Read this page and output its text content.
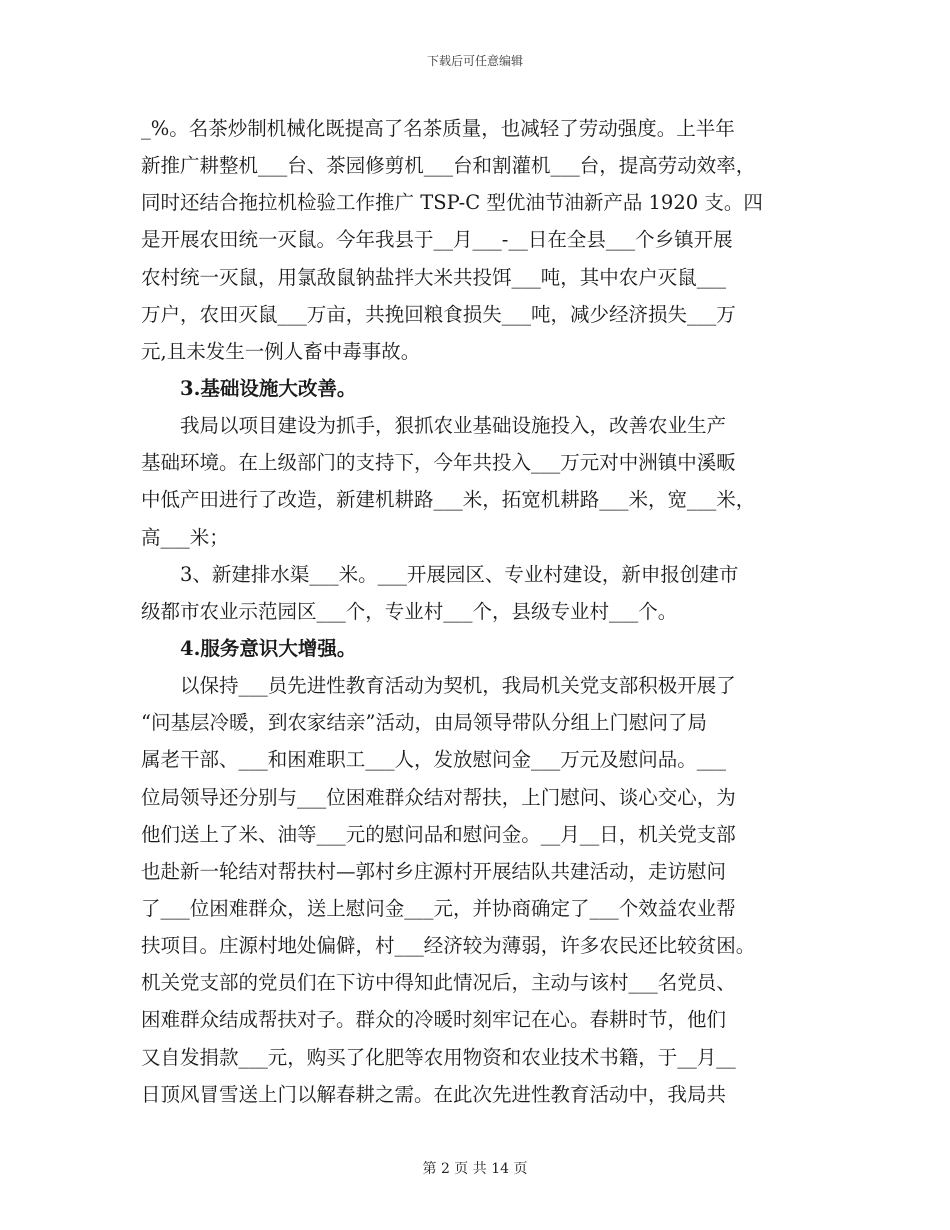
下载后可任意编辑
_%。名茶炒制机械化既提高了名茶质量，也减轻了劳动强度。上半年
新推广耕整机___台、茶园修剪机___台和割灌机___台，提高劳动效率，
同时还结合拖拉机检验工作推广 TSP-C 型优油节油新产品 1920 支。四
是开展农田统一灭鼠。今年我县于__月___-__日在全县___个乡镇开展
农村统一灭鼠，用氯敌鼠钠盐拌大米共投饵___吨，其中农户灭鼠___
万户，农田灭鼠___万亩，共挽回粮食损失___吨，减少经济损失___万
元,且未发生一例人畜中毒事故。
　　3.基础设施大改善。
　　我局以项目建设为抓手，狠抓农业基础设施投入，改善农业生产
基础环境。在上级部门的支持下，今年共投入___万元对中洲镇中溪畈
中低产田进行了改造，新建机耕路___米，拓宽机耕路___米，宽___米，
高___米；
　　3、新建排水渠___米。___开展园区、专业村建设，新申报创建市
级都市农业示范园区___个，专业村___个，县级专业村___个。
　　4.服务意识大增强。
　　以保持___员先进性教育活动为契机，我局机关党支部积极开展了
“问基层冷暖，到农家结亲”活动，由局领导带队分组上门慰问了局
属老干部、___和困难职工___人，发放慰问金___万元及慰问品。___
位局领导还分别与___位困难群众结对帮扶，上门慰问、谈心交心，为
他们送上了米、油等___元的慰问品和慰问金。__月__日，机关党支部
也赴新一轮结对帮扶村—郭村乡庄源村开展结队共建活动，走访慰问
了___位困难群众，送上慰问金___元，并协商确定了___个效益农业帮
扶项目。庄源村地处偏僻，村___经济较为薄弱，许多农民还比较贫困。
机关党支部的党员们在下访中得知此情况后，主动与该村___名党员、
困难群众结成帮扶对子。群众的冷暖时刻牢记在心。春耕时节，他们
又自发捐款___元，购买了化肥等农用物资和农业技术书籍，于__月__
日顶风冒雪送上门以解春耕之需。在此次先进性教育活动中，我局共
第 2 页 共 14 页
